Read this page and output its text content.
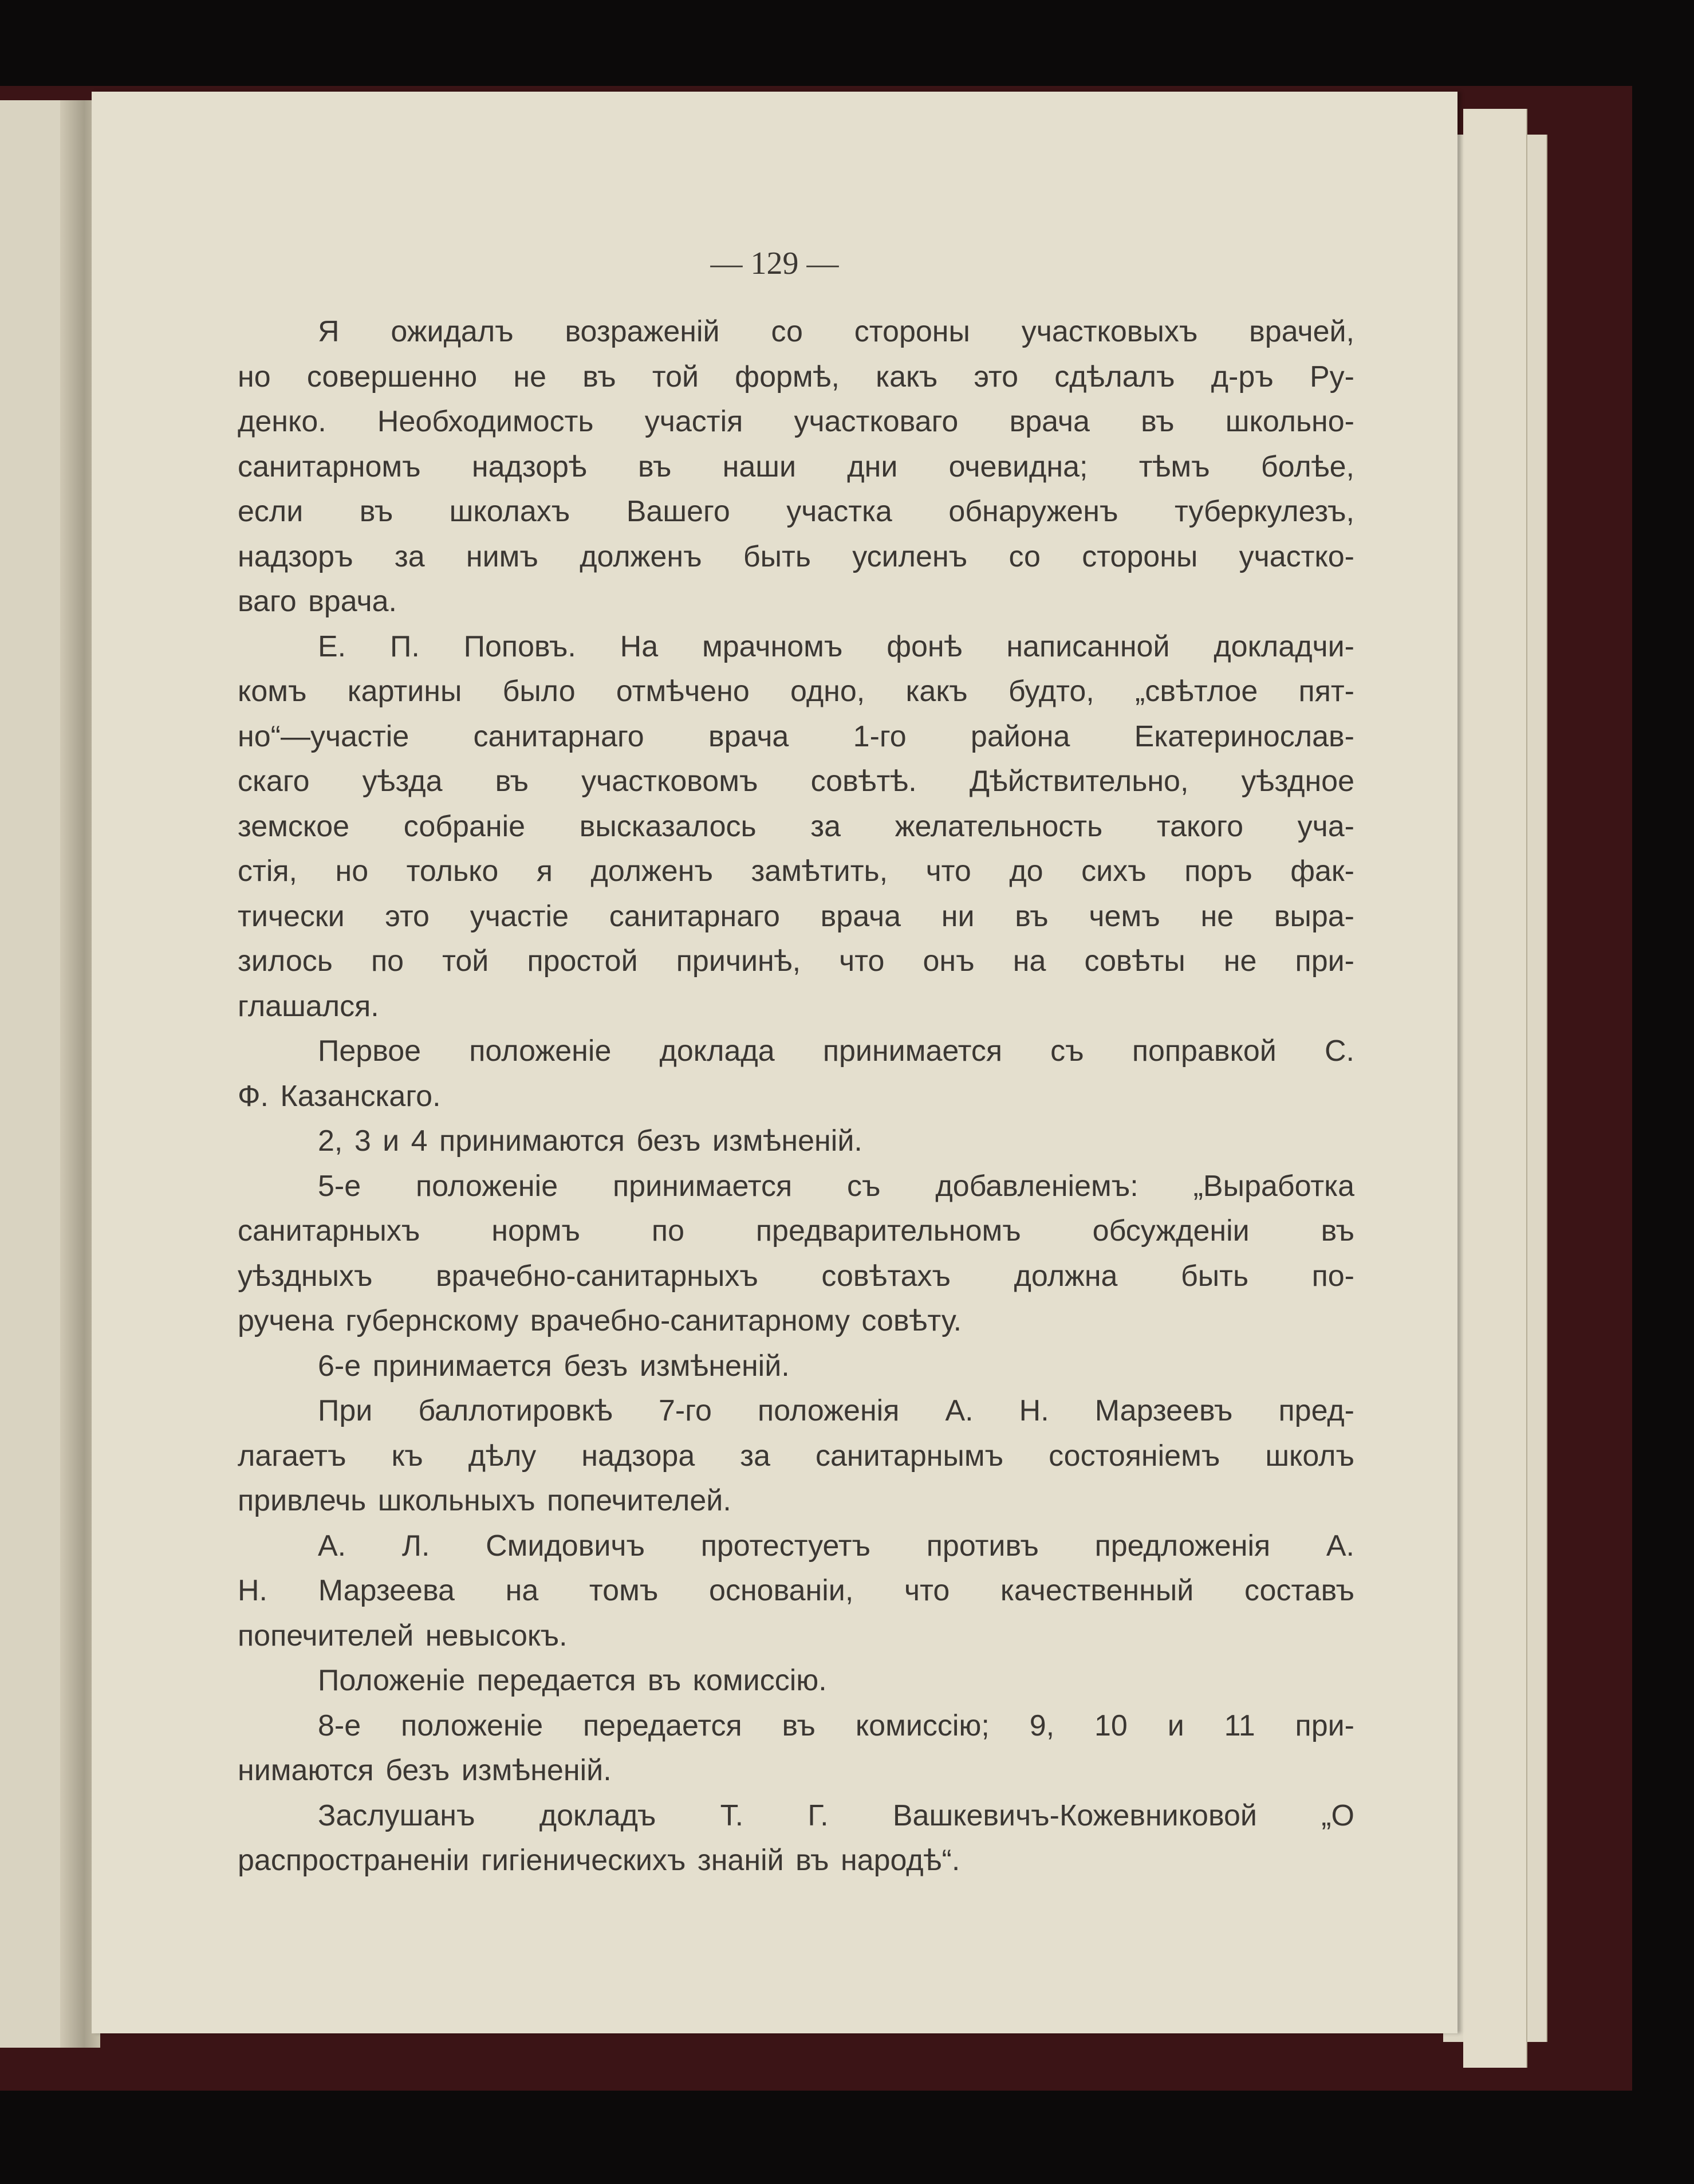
— 129 —
Я ожидалъ возраженій со стороны участковыхъ врачей,
но совершенно не въ той формѣ, какъ это сдѣлалъ д-ръ Ру-
денко. Необходимость участія участковаго врача въ школьно-
санитарномъ надзорѣ въ наши дни очевидна; тѣмъ болѣе,
если въ школахъ Вашего участка обнаруженъ туберкулезъ,
надзоръ за нимъ долженъ быть усиленъ со стороны участко-
ваго врача.
Е. П. Поповъ. На мрачномъ фонѣ написанной докладчи-
комъ картины было отмѣчено одно, какъ будто, „свѣтлое пят-
но“—участіе санитарнаго врача 1-го района Екатеринослав-
скаго уѣзда въ участковомъ совѣтѣ. Дѣйствительно, уѣздное
земское собраніе высказалось за желательность такого уча-
стія, но только я долженъ замѣтить, что до сихъ поръ фак-
тически это участіе санитарнаго врача ни въ чемъ не выра-
зилось по той простой причинѣ, что онъ на совѣты не при-
глашался.
Первое положеніе доклада принимается съ поправкой С.
Ф. Казанскаго.
2, 3 и 4 принимаются безъ измѣненій.
5-е положеніе принимается съ добавленіемъ: „Выработка
санитарныхъ нормъ по предварительномъ обсужденіи въ
уѣздныхъ врачебно-санитарныхъ совѣтахъ должна быть по-
ручена губернскому врачебно-санитарному совѣту.
6-е принимается безъ измѣненій.
При баллотировкѣ 7-го положенія А. Н. Марзеевъ пред-
лагаетъ къ дѣлу надзора за санитарнымъ состояніемъ школъ
привлечь школьныхъ попечителей.
А. Л. Смидовичъ протестуетъ противъ предложенія А.
Н. Марзеева на томъ основаніи, что качественный составъ
попечителей невысокъ.
Положеніе передается въ комиссію.
8-е положеніе передается въ комиссію; 9, 10 и 11 при-
нимаются безъ измѣненій.
Заслушанъ докладъ Т. Г. Вашкевичъ-Кожевниковой „О
распространеніи гигіеническихъ знаній въ народѣ“.
